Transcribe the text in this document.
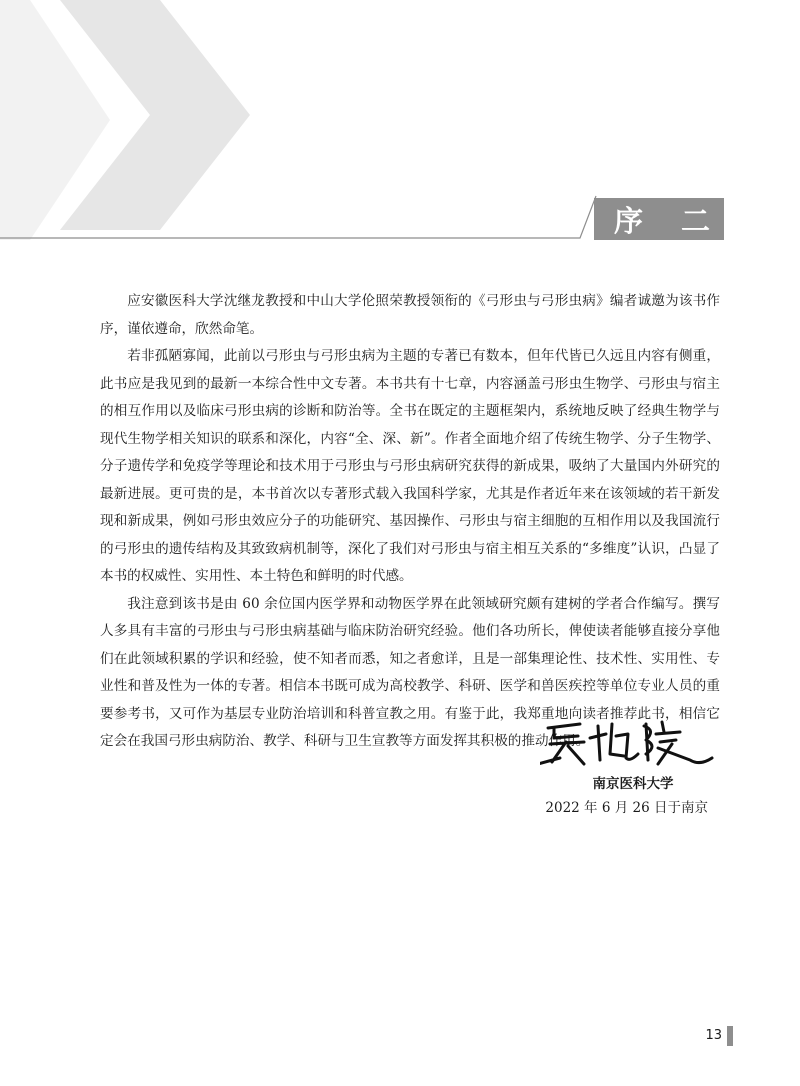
序 二

应安徽医科大学沈继龙教授和中山大学伦照荣教授领衔的《弓形虫与弓形虫病》编者诚邀为该书作序，谨依遵命，欣然命笔。

若非孤陋寡闻，此前以弓形虫与弓形虫病为主题的专著已有数本，但年代皆已久远且内容有侧重，此书应是我见到的最新一本综合性中文专著。本书共有十七章，内容涵盖弓形虫生物学、弓形虫与宿主的相互作用以及临床弓形虫病的诊断和防治等。全书在既定的主题框架内，系统地反映了经典生物学与现代生物学相关知识的联系和深化，内容“全、深、新”。作者全面地介绍了传统生物学、分子生物学、分子遗传学和免疫学等理论和技术用于弓形虫与弓形虫病研究获得的新成果，吸纳了大量国内外研究的最新进展。更可贵的是，本书首次以专著形式载入我国科学家，尤其是作者近年来在该领域的若干新发现和新成果，例如弓形虫效应分子的功能研究、基因操作、弓形虫与宿主细胞的互相作用以及我国流行的弓形虫的遗传结构及其致致病机制等，深化了我们对弓形虫与宿主相互关系的“多维度”认识，凸显了本书的权威性、实用性、本土特色和鲜明的时代感。

我注意到该书是由 60 余位国内医学界和动物医学界在此领域研究颇有建树的学者合作编写。撰写人多具有丰富的弓形虫与弓形虫病基础与临床防治研究经验。他们各功所长，俾使读者能够直接分享他们在此领域积累的学识和经验，使不知者而悉，知之者愈详，且是一部集理论性、技术性、实用性、专业性和普及性为一体的专著。相信本书既可成为高校教学、科研、医学和兽医疾控等单位专业人员的重要参考书，又可作为基层专业防治培训和科普宣教之用。有鉴于此，我郑重地向读者推荐此书，相信它定会在我国弓形虫病防治、教学、科研与卫生宣教等方面发挥其积极的推动作用。

南京医科大学
2022 年 6 月 26 日于南京
13
